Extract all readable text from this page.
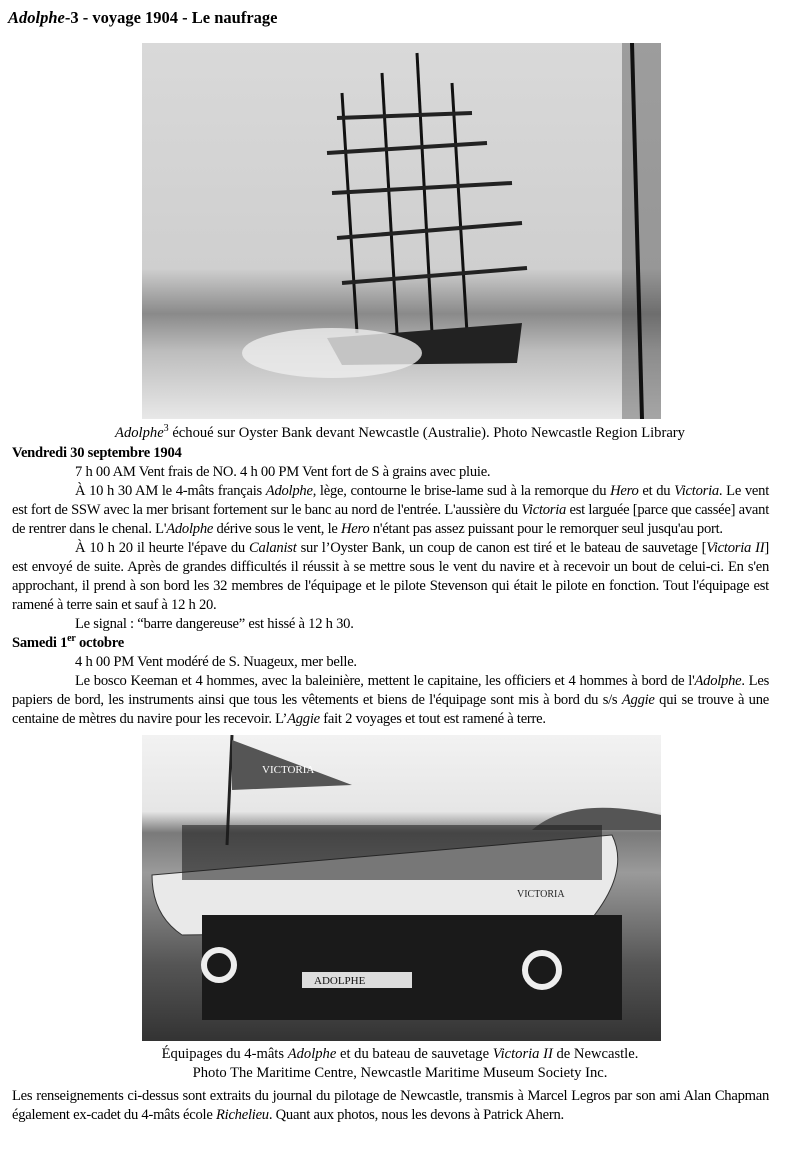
Adolphe-3 - voyage 1904 - Le naufrage
Adolphe$^3$ échoué sur Oyster Bank devant Newcastle (Australie). Photo Newcastle Region Library

Vendredi 30 septembre 1904

7 h 00 AM Vent frais de NO. 4 h 00 PM Vent fort de S à grains avec pluie.

À 10 h 30 AM le 4-mâts français Adolphe, lège, contourne le brise-lame sud à la remorque du Hero et du Victoria. Le vent est fort de SSW avec la mer brisant fortement sur le banc au nord de l'entrée. L'aussière du Victoria est larguée [parce que cassée] avant de rentrer dans le chenal. L'Adolphe dérive sous le vent, le Hero n'étant pas assez puissant pour le remorquer seul jusqu'au port.

À 10 h 20 il heurte l'épave du Calanist sur l’Oyster Bank, un coup de canon est tiré et le bateau de sauvetage [Victoria II] est envoyé de suite. Après de grandes difficultés il réussit à se mettre sous le vent du navire et à recevoir un bout de celui-ci. En s'en approchant, il prend à son bord les 32 membres de l'équipage et le pilote Stevenson qui était le pilote en fonction. Tout l'équipage est ramené à terre sain et sauf à 12 h 20.

Le signal : “barre dangereuse” est hissé à 12 h 30.

Samedi 1er octobre

4 h 00 PM Vent modéré de S. Nuageux, mer belle.

Le bosco Keeman et 4 hommes, avec la baleinière, mettent le capitaine, les officiers et 4 hommes à bord de l'Adolphe. Les papiers de bord, les instruments ainsi que tous les vêtements et biens de l'équipage sont mis à bord du s/s Aggie qui se trouve à une centaine de mètres du navire pour les recevoir. L’Aggie fait 2 voyages et tout est ramené à terre.

VICTORIA
VICTORIA
ADOLPHE
Équipages du 4-mâts Adolphe et du bateau de sauvetage Victoria II de Newcastle.
Photo The Maritime Centre, Newcastle Maritime Museum Society Inc.

Les renseignements ci-dessus sont extraits du journal du pilotage de Newcastle, transmis à Marcel Legros par son ami Alan Chapman également ex-cadet du 4-mâts école Richelieu. Quant aux photos, nous les devons à Patrick Ahern.
